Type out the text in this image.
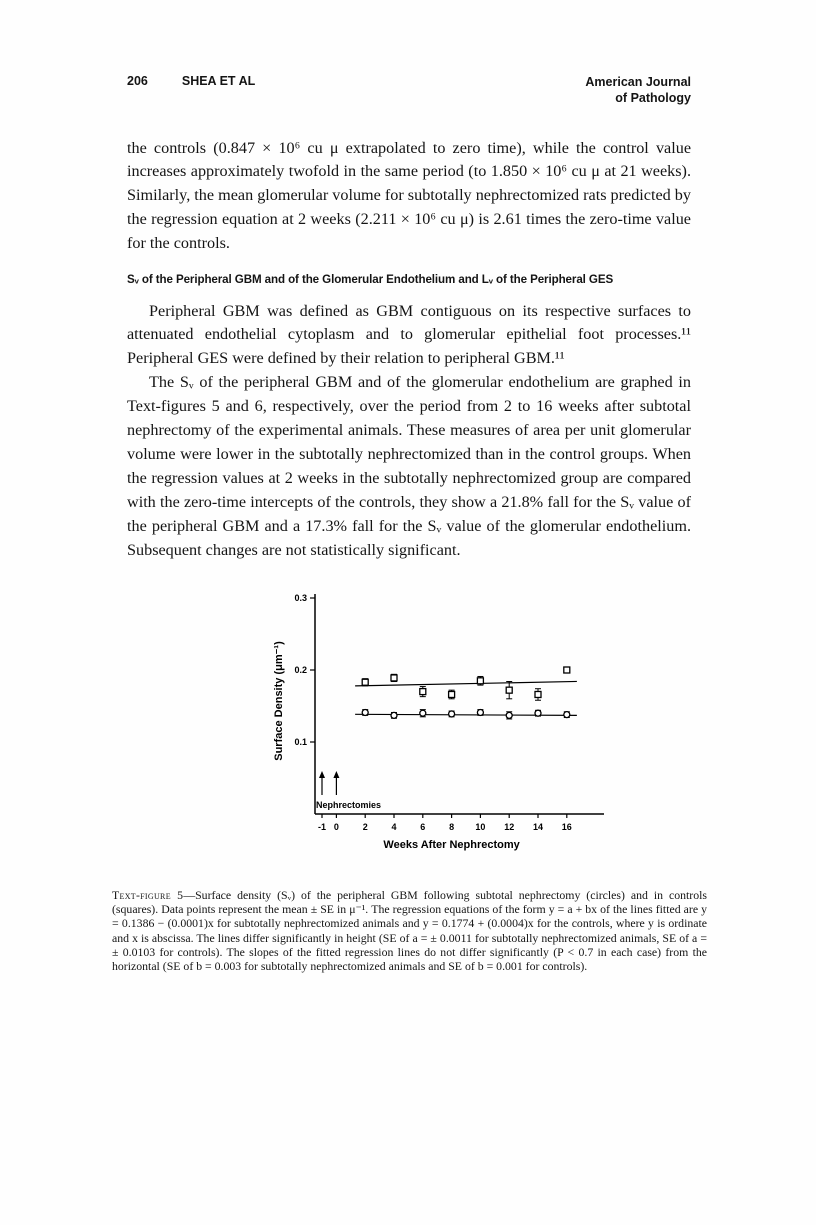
206	SHEA ET AL	American Journal
of Pathology

the controls (0.847 × 10⁶ cu μ extrapolated to zero time), while the control value increases approximately twofold in the same period (to 1.850 × 10⁶ cu μ at 21 weeks). Similarly, the mean glomerular volume for subtotally nephrectomized rats predicted by the regression equation at 2 weeks (2.211 × 10⁶ cu μ) is 2.61 times the zero-time value for the controls.

Sᵥ of the Peripheral GBM and of the Glomerular Endothelium and Lᵥ of the Peripheral GES

Peripheral GBM was defined as GBM contiguous on its respective surfaces to attenuated endothelial cytoplasm and to glomerular epithelial foot processes.¹¹ Peripheral GES were defined by their relation to peripheral GBM.¹¹

The Sᵥ of the peripheral GBM and of the glomerular endothelium are graphed in Text-figures 5 and 6, respectively, over the period from 2 to 16 weeks after subtotal nephrectomy of the experimental animals. These measures of area per unit glomerular volume were lower in the subtotally nephrectomized than in the control groups. When the regression values at 2 weeks in the subtotally nephrectomized group are compared with the zero-time intercepts of the controls, they show a 21.8% fall for the Sᵥ value of the peripheral GBM and a 17.3% fall for the Sᵥ value of the glomerular endothelium. Subsequent changes are not statistically significant.

0.1
0.2
0.3
-1 0	2	4	6	8 10 12 14 16
Nephrectomies
Weeks After Nephrectomy
Surface Density (μm⁻¹)
Text-figure 5—Surface density (Sᵥ) of the peripheral GBM following subtotal nephrectomy (circles) and in controls (squares). Data points represent the mean ± SE in μ⁻¹. The regression equations of the form y = a + bx of the lines fitted are y = 0.1386 − (0.0001)x for subtotally nephrectomized animals and y = 0.1774 + (0.0004)x for the controls, where y is ordinate and x is abscissa. The lines differ significantly in height (SE of a = ± 0.0011 for subtotally nephrectomized animals, SE of a = ± 0.0103 for controls). The slopes of the fitted regression lines do not differ significantly (P < 0.7 in each case) from the horizontal (SE of b = 0.003 for subtotally nephrectomized animals and SE of b = 0.001 for controls).
